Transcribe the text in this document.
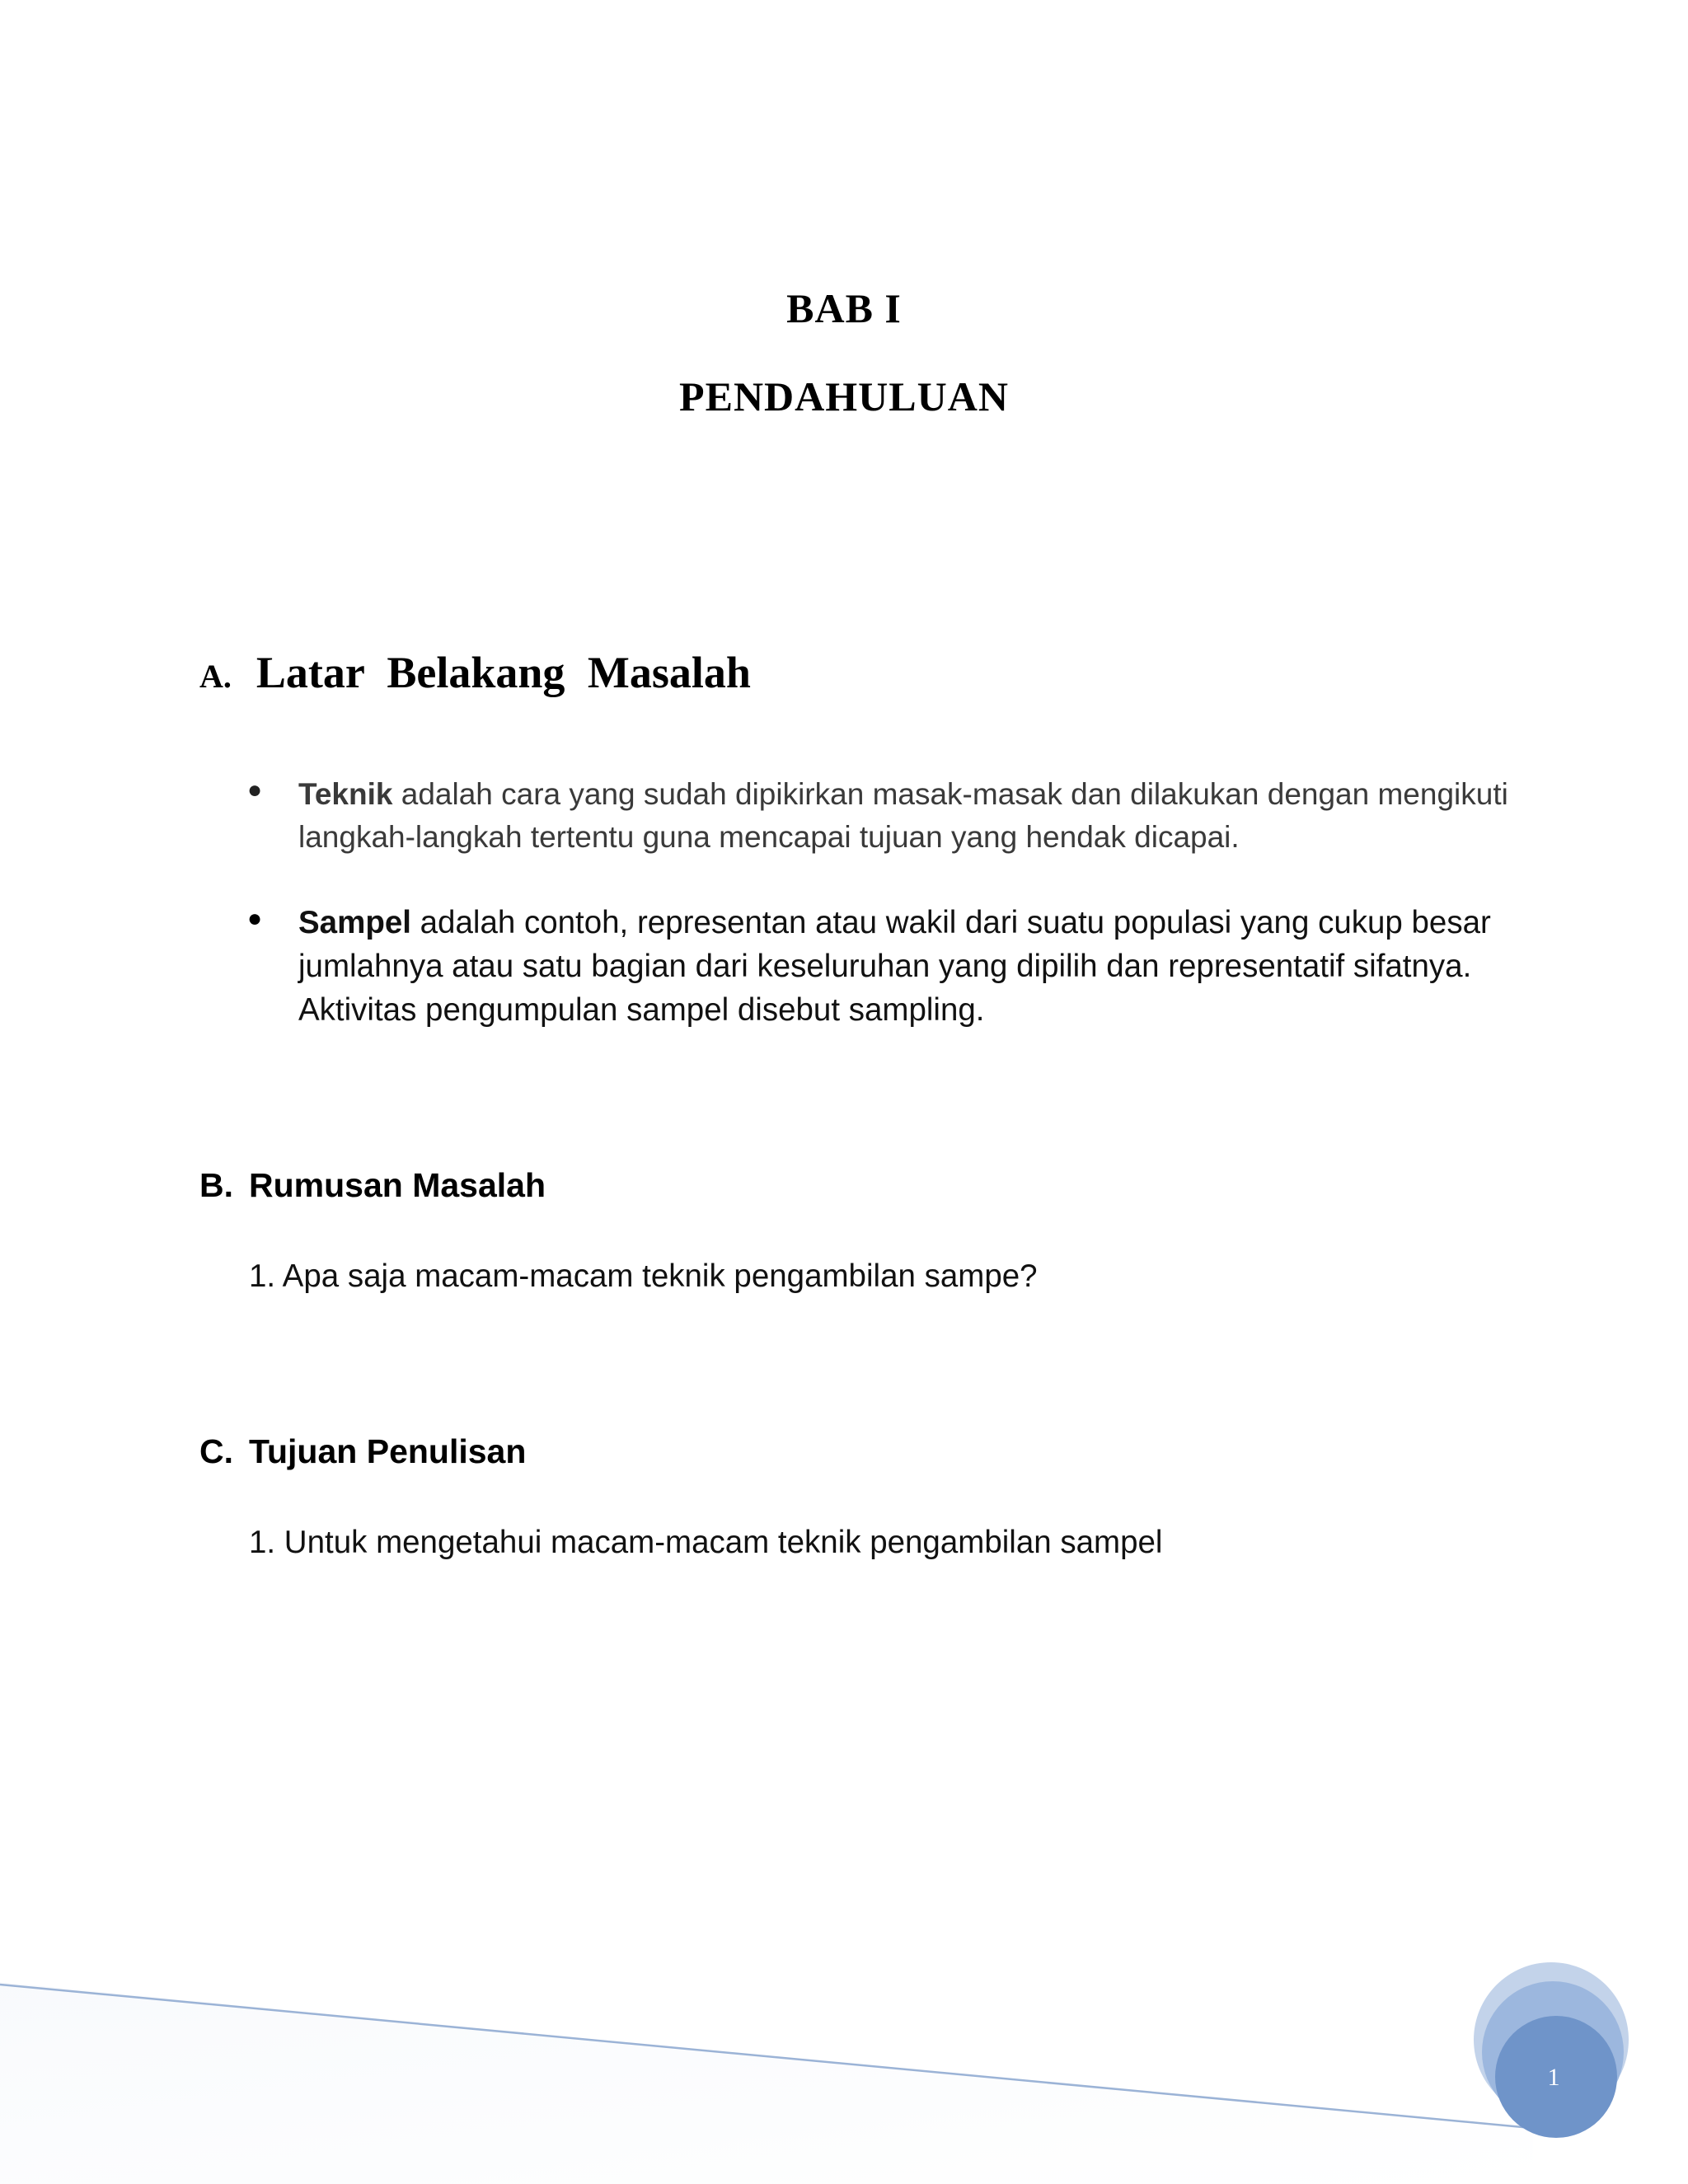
BAB I
PENDAHULUAN
A. Latar Belakang Masalah
● Teknik adalah cara yang sudah dipikirkan masak-masak dan dilakukan dengan mengikuti langkah-langkah tertentu guna mencapai tujuan yang hendak dicapai.
● Sampel adalah contoh, representan atau wakil dari suatu populasi yang cukup besar jumlahnya atau satu bagian dari keseluruhan yang dipilih dan representatif sifatnya. Aktivitas pengumpulan sampel disebut sampling.
B. Rumusan Masalah
1. Apa saja macam-macam teknik pengambilan sampe?
C. Tujuan Penulisan
1. Untuk mengetahui macam-macam teknik pengambilan sampel
1
